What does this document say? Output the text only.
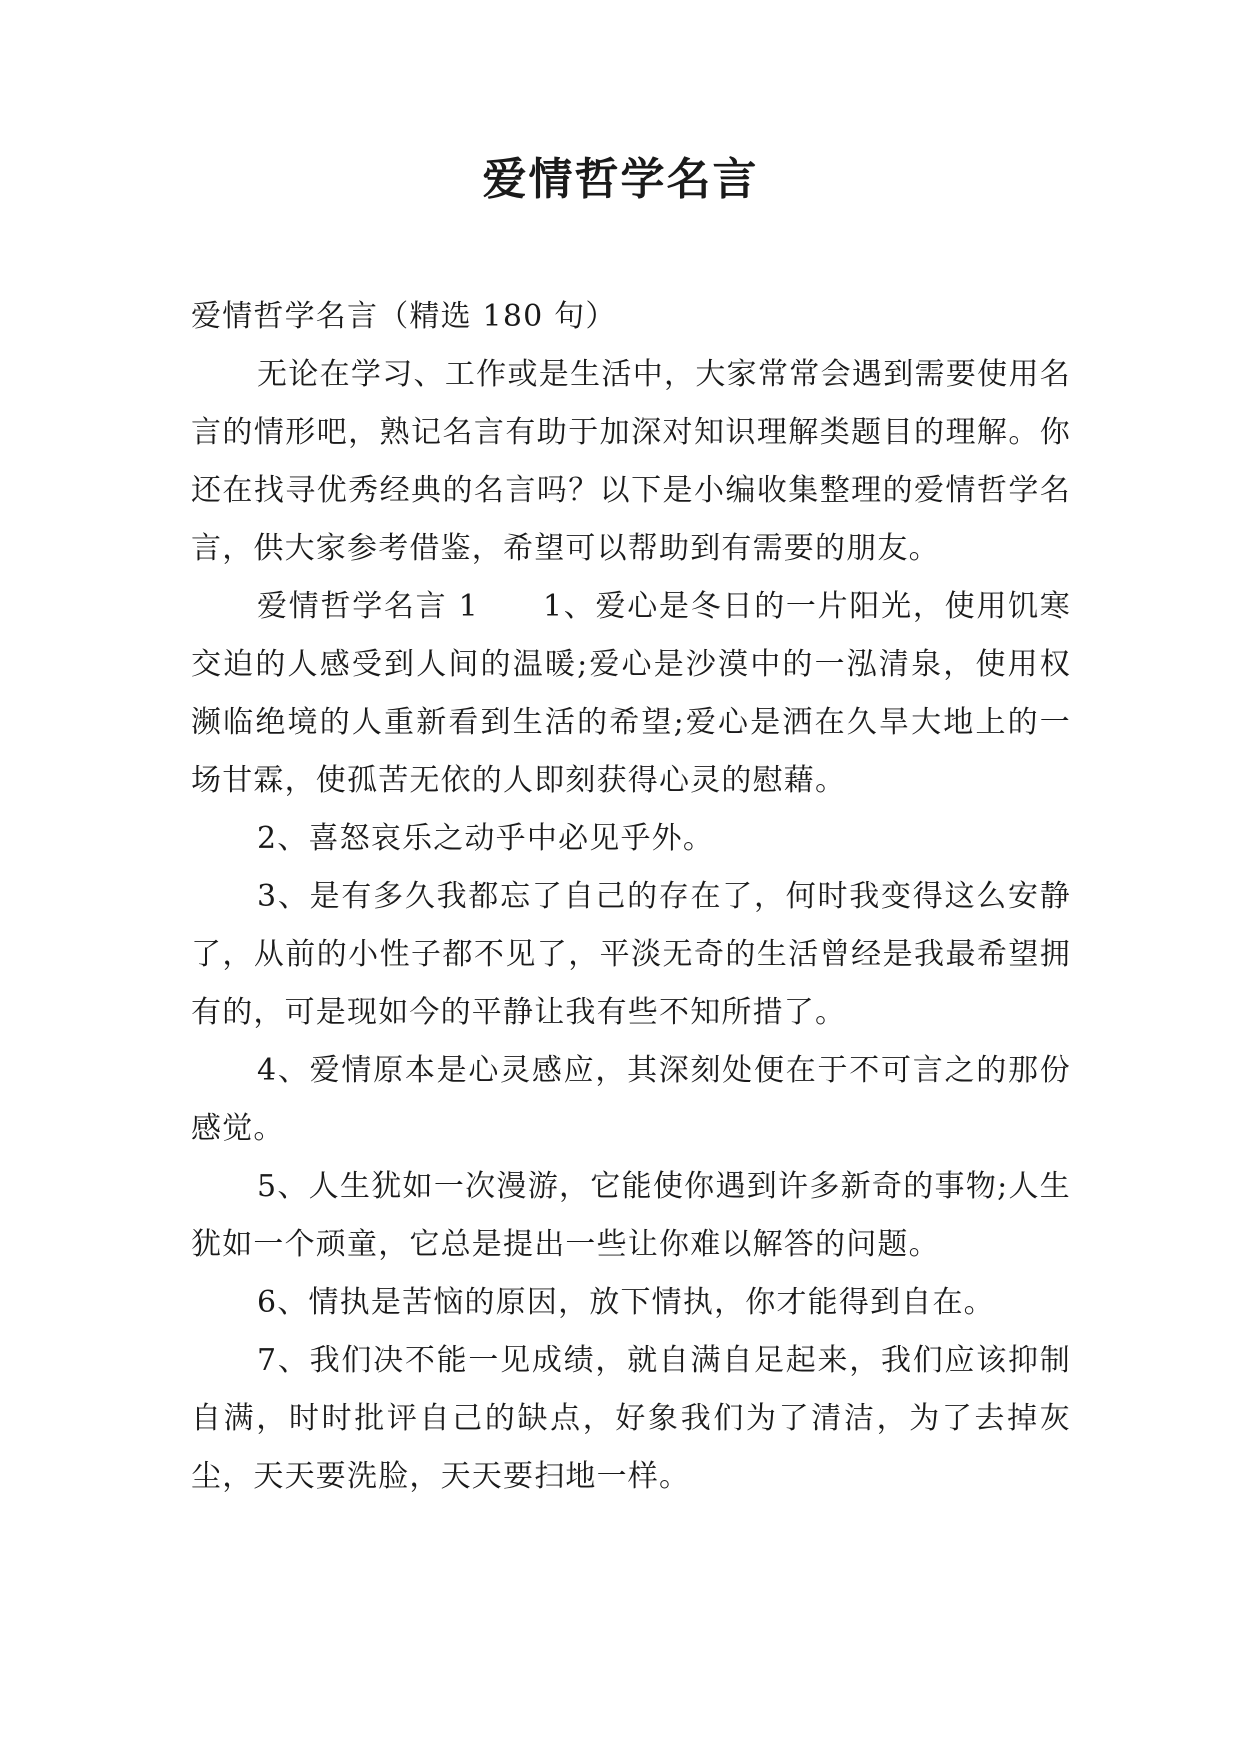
爱情哲学名言

爱情哲学名言（精选 180 句）

无论在学习、工作或是生活中，大家常常会遇到需要使用名言的情形吧，熟记名言有助于加深对知识理解类题目的理解。你还在找寻优秀经典的名言吗？以下是小编收集整理的爱情哲学名言，供大家参考借鉴，希望可以帮助到有需要的朋友。

爱情哲学名言 1　　1、爱心是冬日的一片阳光，使用饥寒交迫的人感受到人间的温暖;爱心是沙漠中的一泓清泉，使用权濒临绝境的人重新看到生活的希望;爱心是洒在久旱大地上的一场甘霖，使孤苦无依的人即刻获得心灵的慰藉。

2、喜怒哀乐之动乎中必见乎外。

3、是有多久我都忘了自己的存在了，何时我变得这么安静了，从前的小性子都不见了，平淡无奇的生活曾经是我最希望拥有的，可是现如今的平静让我有些不知所措了。

4、爱情原本是心灵感应，其深刻处便在于不可言之的那份感觉。

5、人生犹如一次漫游，它能使你遇到许多新奇的事物;人生犹如一个顽童，它总是提出一些让你难以解答的问题。

6、情执是苦恼的原因，放下情执，你才能得到自在。

7、我们决不能一见成绩，就自满自足起来，我们应该抑制自满，时时批评自己的缺点，好象我们为了清洁，为了去掉灰尘，天天要洗脸，天天要扫地一样。
